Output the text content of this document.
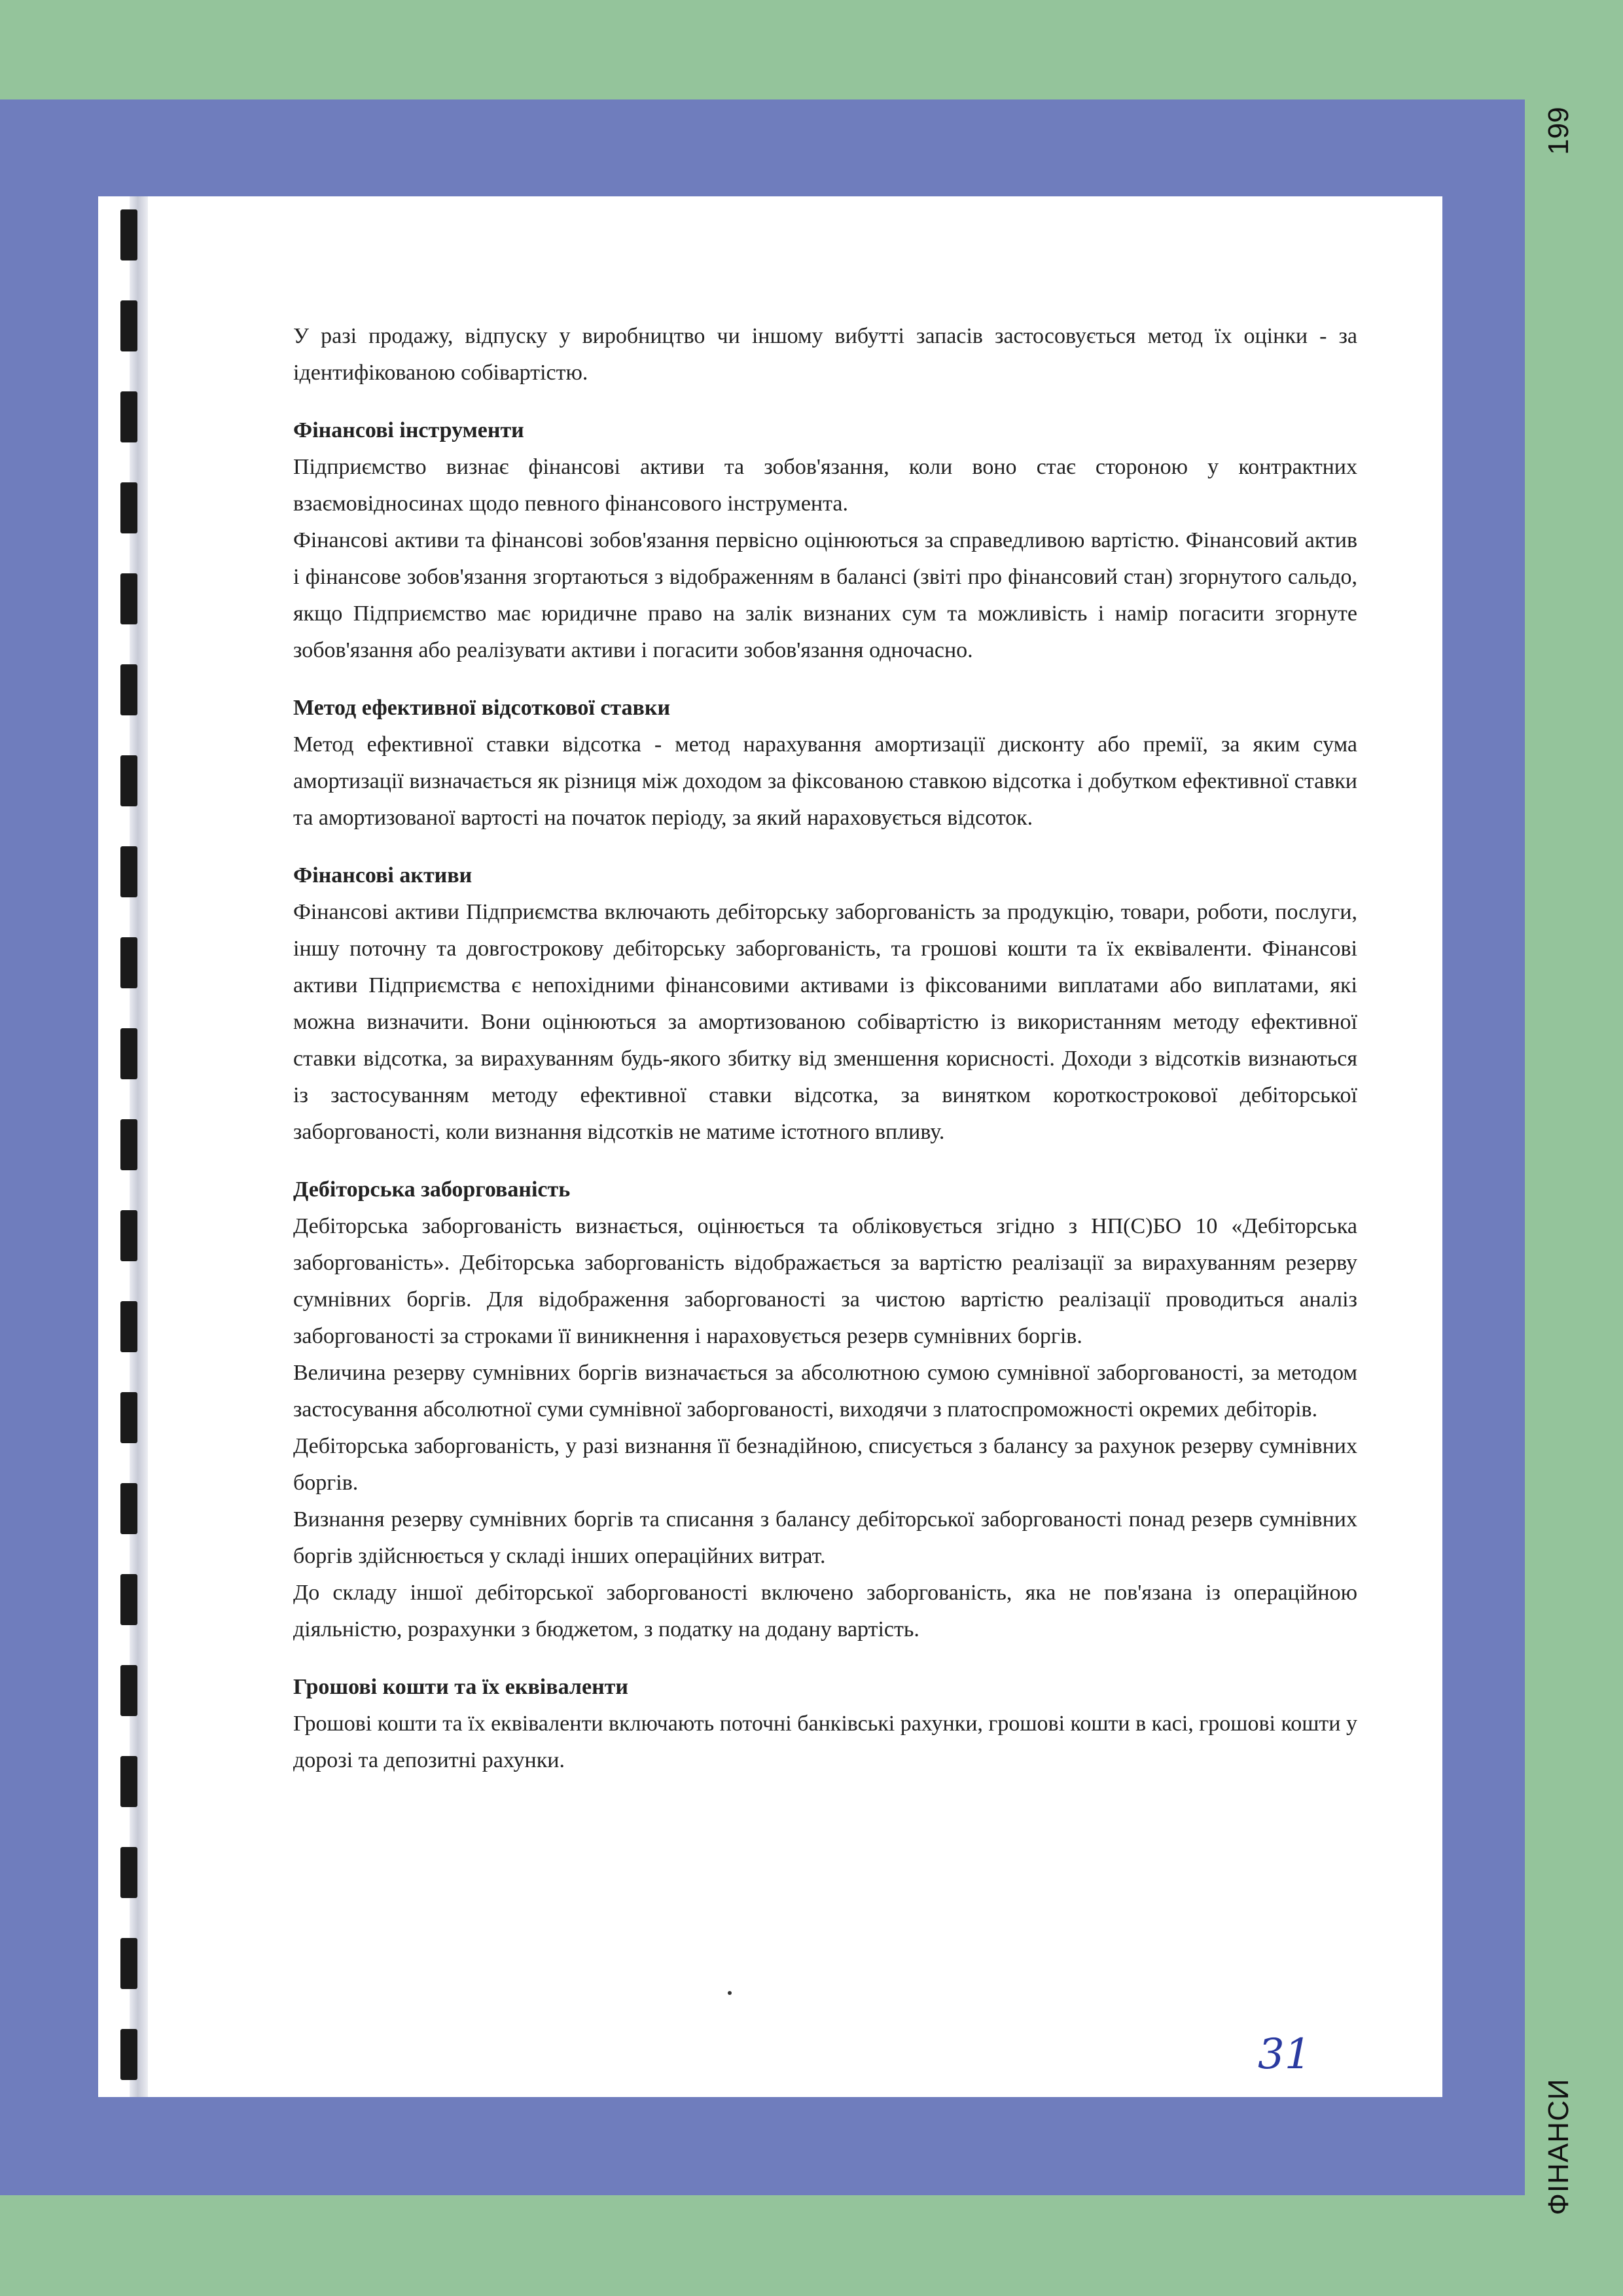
199
ФІНАНСИ

У разі продажу, відпуску у виробництво чи іншому вибутті запасів застосовується метод їх оцінки - за ідентифікованою собівартістю.

Фінансові інструменти

Підприємство визнає фінансові активи та зобов'язання, коли воно стає стороною у контрактних взаємовідносинах щодо певного фінансового інструмента.

Фінансові активи та фінансові зобов'язання первісно оцінюються за справедливою вартістю. Фінансовий актив і фінансове зобов'язання згортаються з відображенням в балансі (звіті про фінансовий стан) згорнутого сальдо, якщо Підприємство має юридичне право на залік визнаних сум та можливість і намір погасити згорнуте зобов'язання або реалізувати активи і погасити зобов'язання одночасно.

Метод ефективної відсоткової ставки

Метод ефективної ставки відсотка - метод нарахування амортизації дисконту або премії, за яким сума амортизації визначається як різниця між доходом за фіксованою ставкою відсотка і добутком ефективної ставки та амортизованої вартості на початок періоду, за який нараховується відсоток.

Фінансові активи

Фінансові активи Підприємства включають дебіторську заборгованість за продукцію, товари, роботи, послуги, іншу поточну та довгострокову дебіторську заборгованість, та грошові кошти та їх еквіваленти. Фінансові активи Підприємства є непохідними фінансовими активами із фіксованими виплатами або виплатами, які можна визначити. Вони оцінюються за амортизованою собівартістю із використанням методу ефективної ставки відсотка, за вирахуванням будь-якого збитку від зменшення корисності. Доходи з відсотків визнаються із застосуванням методу ефективної ставки відсотка, за винятком короткострокової дебіторської заборгованості, коли визнання відсотків не матиме істотного впливу.

Дебіторська заборгованість

Дебіторська заборгованість визнається, оцінюється та обліковується згідно з НП(С)БО 10 «Дебіторська заборгованість». Дебіторська заборгованість відображається за вартістю реалізації за вирахуванням резерву сумнівних боргів. Для відображення заборгованості за чистою вартістю реалізації проводиться аналіз заборгованості за строками її виникнення і нараховується резерв сумнівних боргів.

Величина резерву сумнівних боргів визначається за абсолютною сумою сумнівної заборгованості, за методом застосування абсолютної суми сумнівної заборгованості, виходячи з платоспроможності окремих дебіторів.

Дебіторська заборгованість, у разі визнання її безнадійною, списується з балансу за рахунок резерву сумнівних боргів.

Визнання резерву сумнівних боргів та списання з балансу дебіторської заборгованості понад резерв сумнівних боргів здійснюється у складі інших операційних витрат.

До складу іншої дебіторської заборгованості включено заборгованість, яка не пов'язана із операційною діяльністю, розрахунки з бюджетом, з податку на додану вартість.

Грошові кошти та їх еквіваленти

Грошові кошти та їх еквіваленти включають поточні банківські рахунки, грошові кошти в касі, грошові кошти у дорозі та депозитні рахунки.

31
